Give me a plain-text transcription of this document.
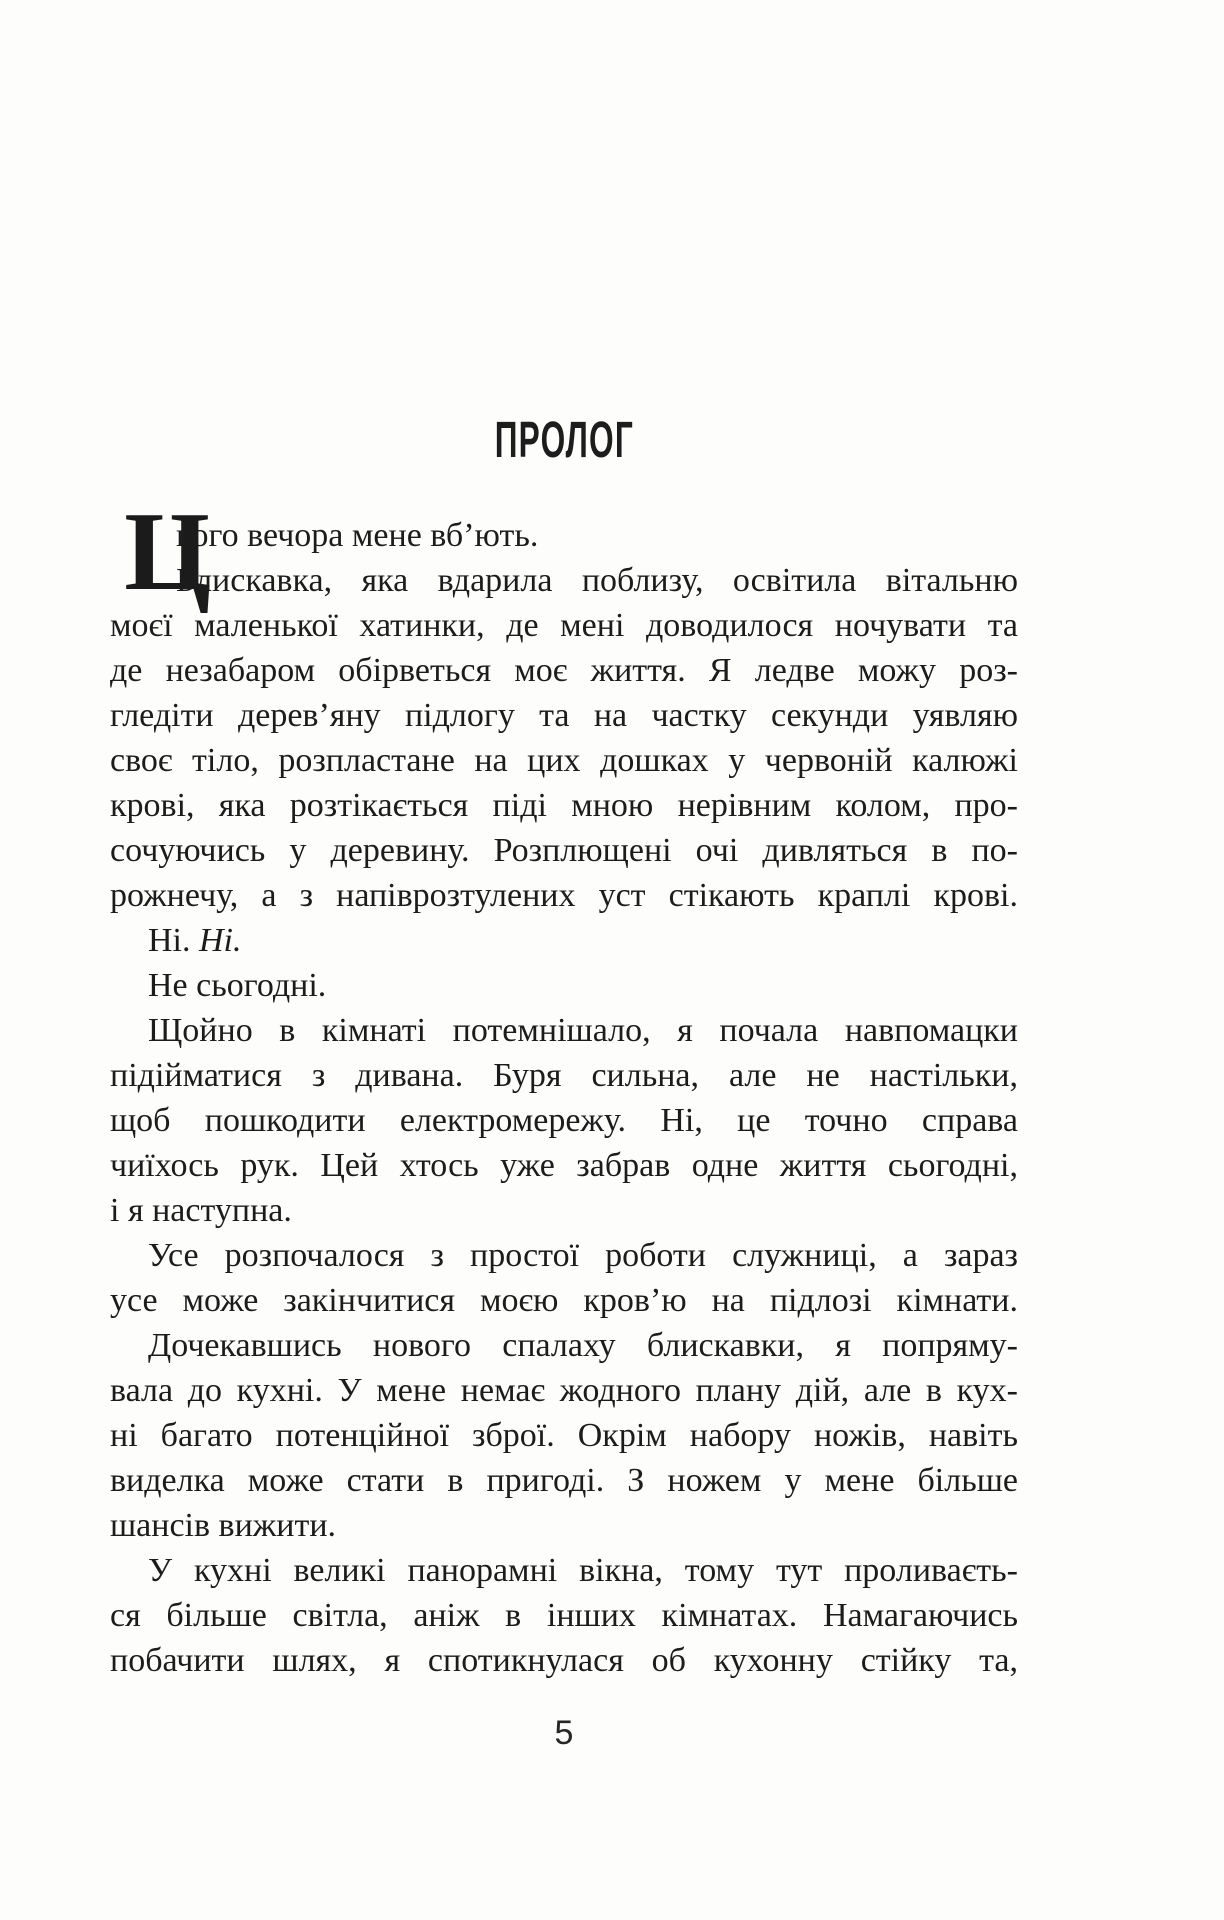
ПРОЛОГ
Ц
ього вечора мене вб’ють.
Блискавка, яка вдарила поблизу, освітила вітальню
моєї маленької хатинки, де мені доводилося ночувати та
де незабаром обірветься моє життя. Я ледве можу роз-
гледіти дерев’яну підлогу та на частку секунди уявляю
своє тіло, розпластане на цих дошках у червоній калюжі
крові, яка розтікається піді мною нерівним колом, про-
сочуючись у деревину. Розплющені очі дивляться в по-
рожнечу, а з напіврозтулених уст стікають краплі крові.
Ні. Ні.
Не сьогодні.
Щойно в кімнаті потемнішало, я почала навпомацки
підійматися з дивана. Буря сильна, але не настільки,
щоб пошкодити електромережу. Ні, це точно справа
чиїхось рук. Цей хтось уже забрав одне життя сьогодні,
і я наступна.
Усе розпочалося з простої роботи служниці, а зараз
усе може закінчитися моєю кров’ю на підлозі кімнати.
Дочекавшись нового спалаху блискавки, я попряму-
вала до кухні. У мене немає жодного плану дій, але в кух-
ні багато потенційної зброї. Окрім набору ножів, навіть
виделка може стати в пригоді. З ножем у мене більше
шансів вижити.
У кухні великі панорамні вікна, тому тут проливаєть-
ся більше світла, аніж в інших кімнатах. Намагаючись
побачити шлях, я спотикнулася об кухонну стійку та,
5
